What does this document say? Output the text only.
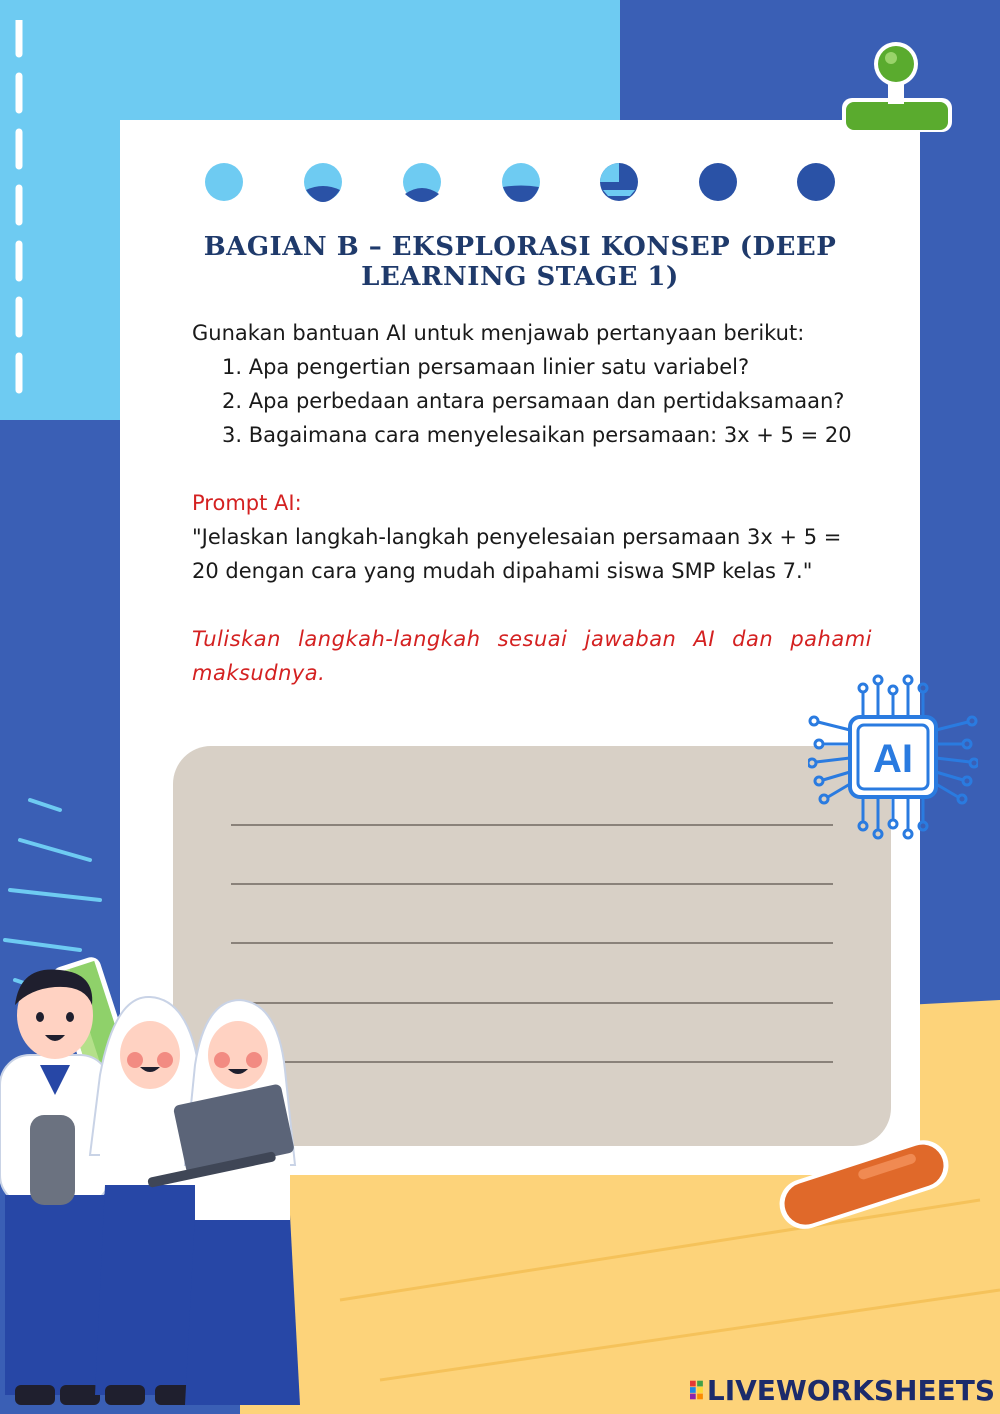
BAGIAN B – EKSPLORASI KONSEP (DEEP LEARNING STAGE 1)
Gunakan bantuan AI untuk menjawab pertanyaan berikut:
1. Apa pengertian persamaan linier satu variabel?
2. Apa perbedaan antara persamaan dan pertidaksamaan?
3. Bagaimana cara menyelesaikan persamaan: 3x + 5 = 20
Prompt AI:
"Jelaskan langkah-langkah penyelesaian persamaan 3x + 5 = 20 dengan cara yang mudah dipahami siswa SMP kelas 7."
Tuliskan langkah-langkah sesuai jawaban AI dan pahami maksudnya.
AI
LIVEWORKSHEETS
